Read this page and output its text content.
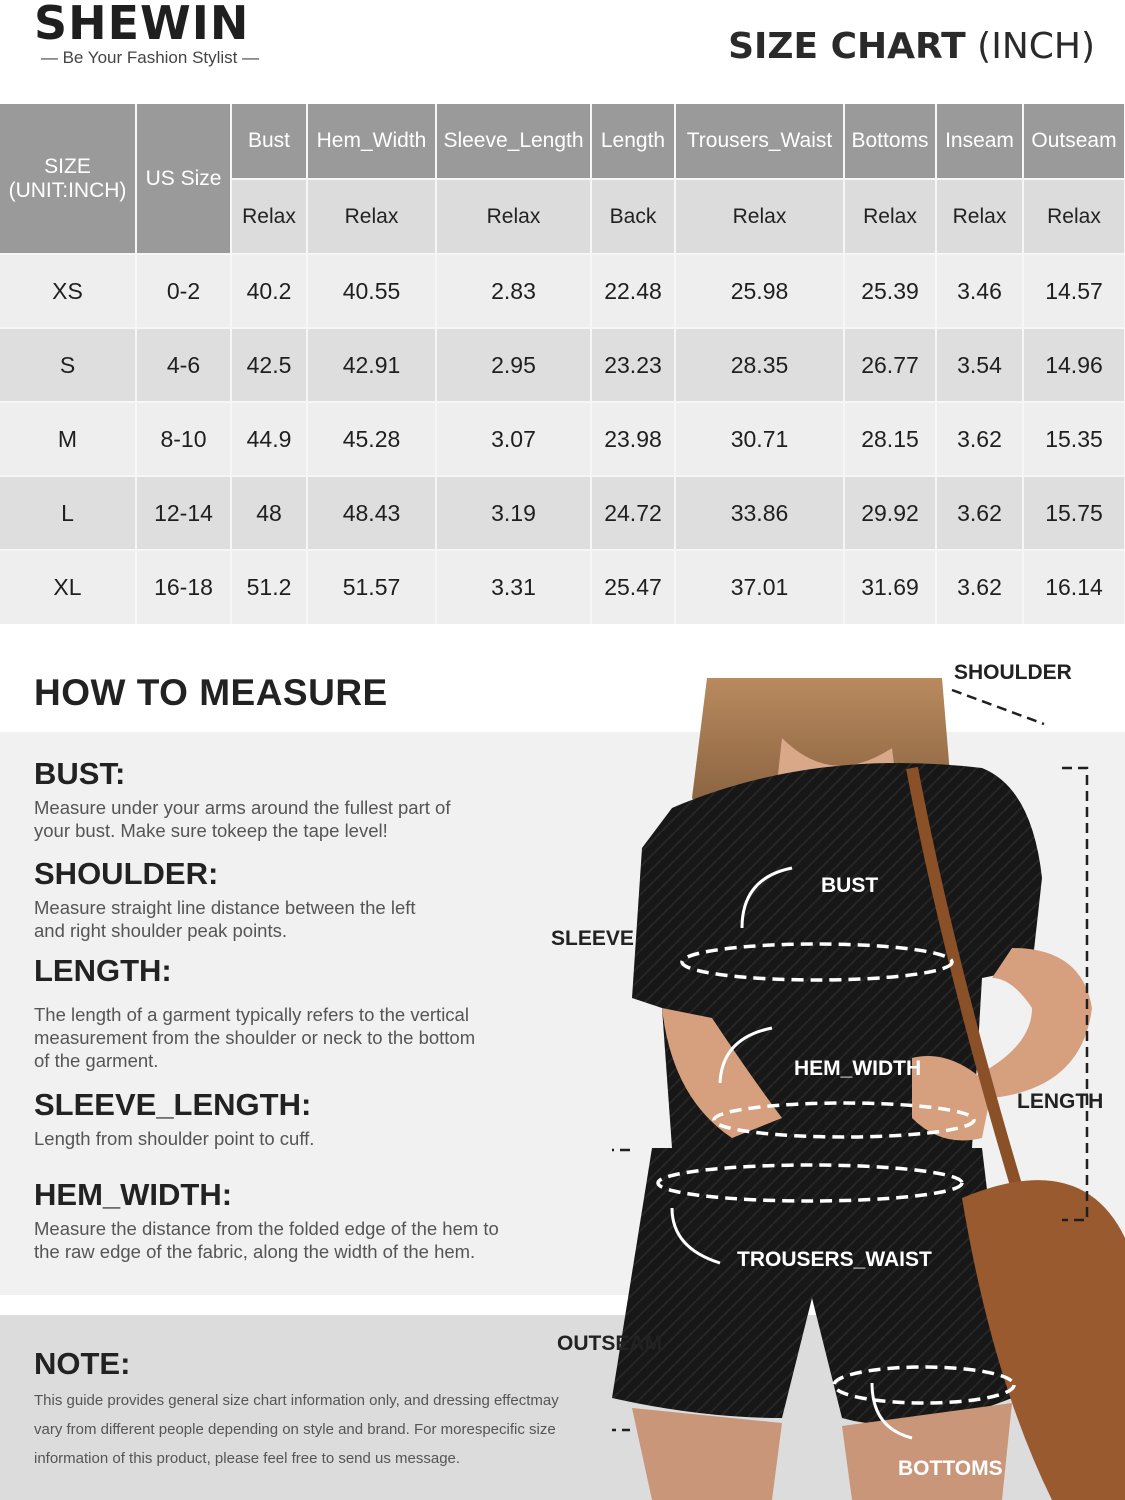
SHEWIN
— Be Your Fashion Stylist —	SIZE CHART (INCH)
SIZE
(UNIT:INCH)	US Size	Bust	Hem_Width	Sleeve_Length	Length	Trousers_Waist	Bottoms	Inseam	Outseam
		Relax	Relax	Relax	Back	Relax	Relax	Relax	Relax
XS	0-2	40.2	40.55	2.83	22.48	25.98	25.39	3.46	14.57
S	4-6	42.5	42.91	2.95	23.23	28.35	26.77	3.54	14.96
M	8-10	44.9	45.28	3.07	23.98	30.71	28.15	3.62	15.35
L	12-14	48	48.43	3.19	24.72	33.86	29.92	3.62	15.75
XL	16-18	51.2	51.57	3.31	25.47	37.01	31.69	3.62	16.14
HOW TO MEASURE
BUST:
Measure under your arms around the fullest part of
your bust. Make sure tokeep the tape level!
SHOULDER:
Measure straight line distance between the left
and right shoulder peak points.
LENGTH:
The length of a garment typically refers to the vertical
measurement from the shoulder or neck to the bottom
of the garment.
SLEEVE_LENGTH:
Length from shoulder point to cuff.
HEM_WIDTH:
Measure the distance from the folded edge of the hem to
the raw edge of the fabric, along the width of the hem.
NOTE:
This guide provides general size chart information only, and dressing effectmay
vary from different people depending on style and brand. For morespecific size
information of this product, please feel free to send us message.
SHOULDER
BUST
SLEEVE
HEM_WIDTH
LENGTH
TROUSERS_WAIST
OUTSEAM
BOTTOMS
